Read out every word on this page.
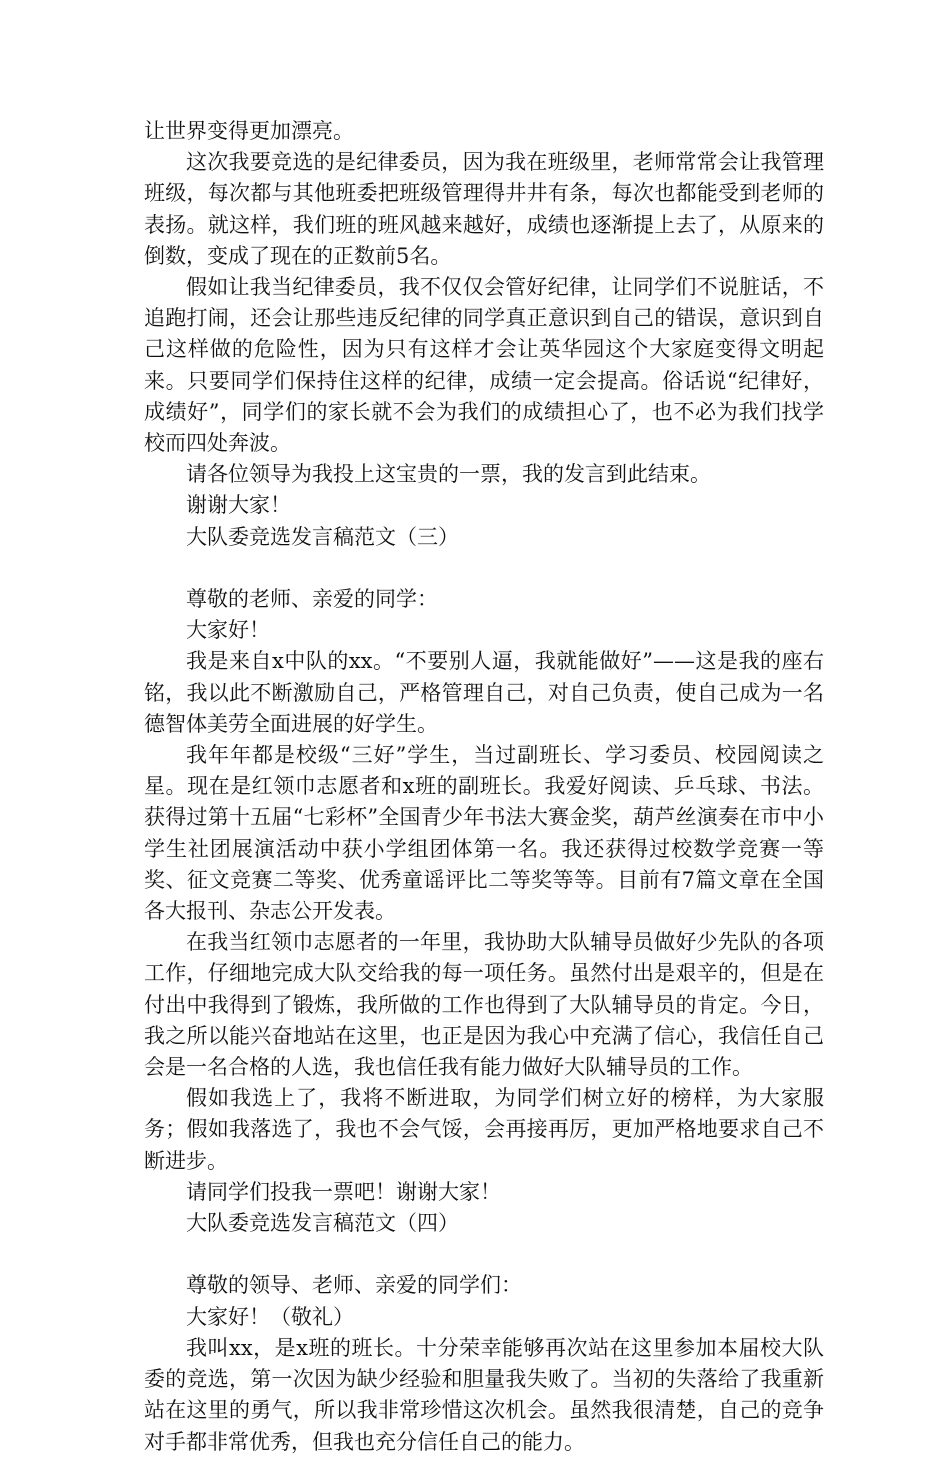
让世界变得更加漂亮。

这次我要竞选的是纪律委员，因为我在班级里，老师常常会让我管理班级，每次都与其他班委把班级管理得井井有条，每次也都能受到老师的表扬。就这样，我们班的班风越来越好，成绩也逐渐提上去了，从原来的倒数，变成了现在的正数前5名。

假如让我当纪律委员，我不仅仅会管好纪律，让同学们不说脏话，不追跑打闹，还会让那些违反纪律的同学真正意识到自己的错误，意识到自己这样做的危险性，因为只有这样才会让英华园这个大家庭变得文明起来。只要同学们保持住这样的纪律，成绩一定会提高。俗话说“纪律好，成绩好”，同学们的家长就不会为我们的成绩担心了，也不必为我们找学校而四处奔波。

请各位领导为我投上这宝贵的一票，我的发言到此结束。

谢谢大家！

大队委竞选发言稿范文（三）

尊敬的老师、亲爱的同学：

大家好！

我是来自x中队的xx。“不要别人逼，我就能做好”——这是我的座右铭，我以此不断激励自己，严格管理自己，对自己负责，使自己成为一名德智体美劳全面进展的好学生。

我年年都是校级“三好”学生，当过副班长、学习委员、校园阅读之星。现在是红领巾志愿者和x班的副班长。我爱好阅读、乒乓球、书法。获得过第十五届“七彩杯”全国青少年书法大赛金奖，葫芦丝演奏在市中小学生社团展演活动中获小学组团体第一名。我还获得过校数学竞赛一等奖、征文竞赛二等奖、优秀童谣评比二等奖等等。目前有7篇文章在全国各大报刊、杂志公开发表。

在我当红领巾志愿者的一年里，我协助大队辅导员做好少先队的各项工作，仔细地完成大队交给我的每一项任务。虽然付出是艰辛的，但是在付出中我得到了锻炼，我所做的工作也得到了大队辅导员的肯定。今日，我之所以能兴奋地站在这里，也正是因为我心中充满了信心，我信任自己会是一名合格的人选，我也信任我有能力做好大队辅导员的工作。

假如我选上了，我将不断进取，为同学们树立好的榜样，为大家服务；假如我落选了，我也不会气馁，会再接再厉，更加严格地要求自己不断进步。

请同学们投我一票吧！谢谢大家！

大队委竞选发言稿范文（四）

尊敬的领导、老师、亲爱的同学们：

大家好！（敬礼）

我叫xx，是x班的班长。十分荣幸能够再次站在这里参加本届校大队委的竞选，第一次因为缺少经验和胆量我失败了。当初的失落给了我重新站在这里的勇气，所以我非常珍惜这次机会。虽然我很清楚，自己的竞争对手都非常优秀，但我也充分信任自己的能力。
